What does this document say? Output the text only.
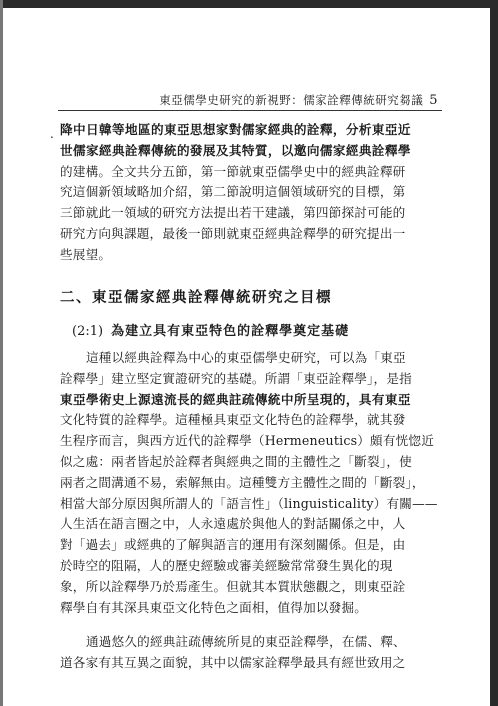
東亞儒學史研究的新視野：儒家詮釋傳統研究芻議 5
. 降中日韓等地區的東亞思想家對儒家經典的詮釋，分析東亞近
世儒家經典詮釋傳統的發展及其特質，以邀向儒家經典詮釋學
的建構。全文共分五節，第一節就東亞儒學史中的經典詮釋研
究這個新領域略加介紹，第二節說明這個領域研究的目標，第
三節就此一領域的研究方法提出若干建議，第四節探討可能的
研究方向與課題，最後一節則就東亞經典詮釋學的研究提出一
些展望。

二、東亞儒家經典詮釋傳統研究之目標
(2:1) 為建立具有東亞特色的詮釋學奠定基礎

這種以經典詮釋為中心的東亞儒學史研究，可以為「東亞
詮釋學」建立堅定實證研究的基礎。所謂「東亞詮釋學」，是指
東亞學術史上源遠流長的經典註疏傳統中所呈現的，具有東亞
文化特質的詮釋學。這種極具東亞文化特色的詮釋學，就其發
生程序而言，與西方近代的詮釋學（Hermeneutics）頗有恍惚近
似之處：兩者皆起於詮釋者與經典之間的主體性之「斷裂」，使
兩者之間溝通不易，索解無由。這種雙方主體性之間的「斷裂」，
相當大部分原因與所謂人的「語言性」（linguisticality）有關——
人生活在語言圈之中，人永遠處於與他人的對話關係之中，人
對「過去」或經典的了解與語言的運用有深刻關係。但是，由
於時空的阻隔，人的歷史經驗或審美經驗常常發生異化的現
象，所以詮釋學乃於焉產生。但就其本質狀態觀之，則東亞詮
釋學自有其深具東亞文化特色之面相，值得加以發掘。

通過悠久的經典註疏傳統所見的東亞詮釋學，在儒、釋、
道各家有其互異之面貌，其中以儒家詮釋學最具有經世致用之
